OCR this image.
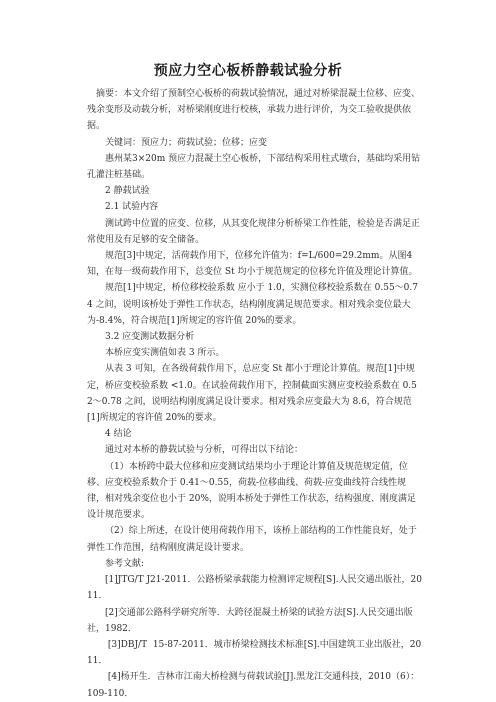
预应力空心板桥静载试验分析

摘要：本文介绍了预制空心板桥的荷载试验情况，通过对桥梁混凝土位移、应变、残余变形及动载分析，对桥梁刚度进行校核，承载力进行评价，为交工验收提供依据。

关键词：预应力；荷载试验；位移；应变

惠州某3×20m 预应力混凝土空心板桥，下部结构采用柱式墩台，基础均采用钻孔灌注桩基础。

2 静载试验

2.1 试验内容

测试跨中位置的应变、位移，从其变化规律分析桥梁工作性能，检验是否满足正常使用及有足够的安全储备。

规范[3]中规定，活荷载作用下，位移允许值为：f=L/600=29.2mm。从图4知，在每一级荷载作用下，总变位 St 均小于规范规定的位移允许值及理论计算值。

规范[1]中规定，桥位移校验系数 应小于 1.0，实测位移校验系数在 0.55～0.74 之间，说明该桥处于弹性工作状态，结构刚度满足规范要求。相对残余变位最大为-8.4%，符合规范[1]所规定的容许值 20%的要求。

3.2 应变测试数据分析

本桥应变实测值如表 3 所示。

从表 3 可知，在各级荷载作用下，总应变 St 都小于理论计算值。规范[1]中规定，桥应变校验系数 <1.0。在试验荷载作用下，控制截面实测应变校验系数在 0.52～0.78 之间，说明结构刚度满足设计要求。相对残余应变最大为 8.6，符合规范[1]所规定的容许值 20%的要求。

4 结论

通过对本桥的静载试验与分析，可得出以下结论：

（1）本桥跨中最大位移和应变测试结果均小于理论计算值及规范规定值，位移、应变校验系数介于 0.41～0.55，荷载-位移曲线、荷载-应变曲线符合线性规律，相对残余变位也小于 20%，说明本桥处于弹性工作状态，结构强度、刚度满足设计规范要求。

（2）综上所述，在设计使用荷载作用下，该桥上部结构的工作性能良好，处于弹性工作范围，结构刚度满足设计要求。

参考文献:

[1]JTG/T J21-2011．公路桥梁承载能力检测评定规程[S].人民交通出版社，2011．

[2]交通部公路科学研究所等．大跨径混凝土桥梁的试验方法[S].人民交通出版社，1982．

[3]DBJ/T  15-87-2011．城市桥梁检测技术标准[S].中国建筑工业出版社，2011．

[4]杨开生．吉林市江南大桥检测与荷载试验[J].黑龙江交通科技，2010（6）：109-110．
